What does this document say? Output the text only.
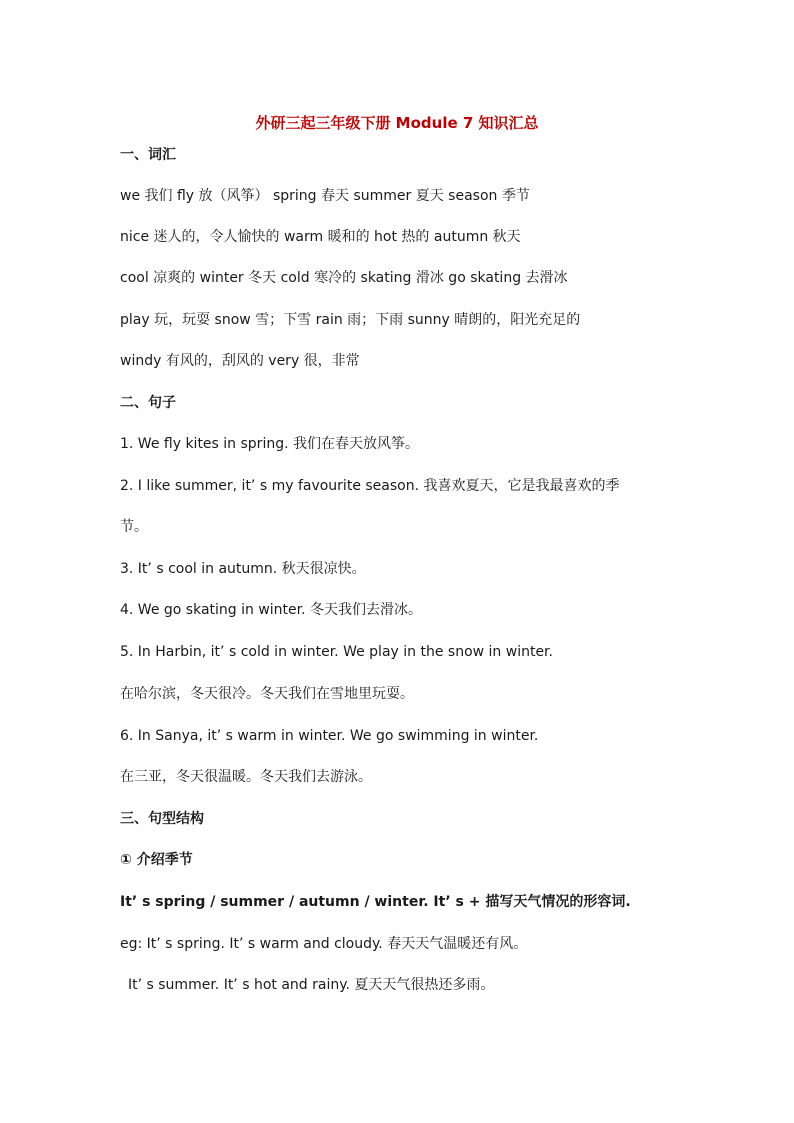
外研三起三年级下册 Module 7 知识汇总
一、词汇
we 我们 fly 放（风筝） spring 春天 summer 夏天 season 季节
nice 迷人的，令人愉快的 warm 暖和的 hot 热的 autumn 秋天
cool 凉爽的 winter 冬天 cold 寒冷的 skating 滑冰 go skating 去滑冰
play 玩，玩耍 snow 雪；下雪 rain 雨；下雨 sunny 晴朗的，阳光充足的
windy 有风的，刮风的 very 很，非常
二、句子
1. We fly kites in spring. 我们在春天放风筝。
2. I like summer, it’ s my favourite season. 我喜欢夏天，它是我最喜欢的季
节。
3. It’ s cool in autumn. 秋天很凉快。
4. We go skating in winter. 冬天我们去滑冰。
5. In Harbin, it’ s cold in winter. We play in the snow in winter.
在哈尔滨，冬天很冷。冬天我们在雪地里玩耍。
6. In Sanya, it’ s warm in winter. We go swimming in winter.
在三亚，冬天很温暖。冬天我们去游泳。
三、句型结构
① 介绍季节
It’ s spring / summer / autumn / winter. It’ s + 描写天气情况的形容词.
eg: It’ s spring. It’ s warm and cloudy. 春天天气温暖还有风。
It’ s summer. It’ s hot and rainy. 夏天天气很热还多雨。
